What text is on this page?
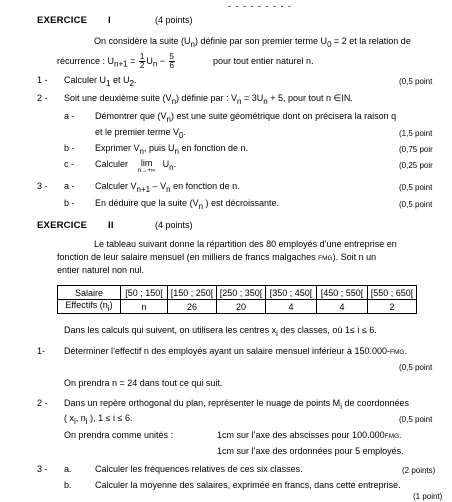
- - - - - - - - -
EXERCICE I	(4 points)
On considère la suite $(U_n)$ définie par son premier terme $U_0 = 2$ et la relation de
récurrence : $U_{n+1} = \frac{1}{2} U_n - \frac{5}{6}$	pour tout entier naturel n.
1 - Calculer $U_1$ et $U_2$.	(0,5 point
2 - Soit une deuxième suite $(V_n)$ définie par : $V_n = 3U_n + 5$, pour tout n ∈IN.
a - Démontrer que $(V_n)$ est une suite géométrique dont on précisera la raison q
et le premier terme $V_0$.	(1,5 point
b - Exprimer $V_n$, puis $U_n$ en fonction de n.	(0,75 poir
c - Calculer lim
n→+∞
$U_n$.	(0,25 poir
3 - a - Calculer $V_{n+1} - V_n$ en fonction de n.	(0,5 point
b - En déduire que la suite ($V_n$ ) est décroissante.	(0,5 point
EXERCICE II	(4 points)
Le tableau suivant donne la répartition des 80 employés d’une entreprise en
fonction de leur salaire mensuel (en milliers de francs malgaches FMG). Soit n un
entier naturel non nul.
Salaire	[50 ; 150[	[150 ; 250[	[250 ; 350[	[350 ; 450[	[450 ; 550[	[550 ; 650[
Effectifs $(n_i)$	n	26	20	4	4	2
Dans les calculs qui suivent, on utilisera les centres $x_i$ des classes, où 1≤ i ≤ 6.
1- Déterminer l’effectif n des employés ayant un salaire mensuel inférieur à 150.000-FMG.
(0,5 point
On prendra n = 24 dans tout ce qui suit.
2 - Dans un repère orthogonal du plan, représenter le nuage de points $M_i$ de coordonnées
( $x_i$, $n_i$ ), 1 ≤ i ≤ 6.	(0,5 point
On prendra comme unités :	1cm sur l’axe des abscisses pour 100.000FMG.
1cm sur l’axe des ordonnées pour 5 employés.
3 - a.	Calculer les fréquences relatives de ces six classes.	(2 points)
b.	Calculer la moyenne des salaires, exprimée en francs, dans cette entreprise.
(1 point)
